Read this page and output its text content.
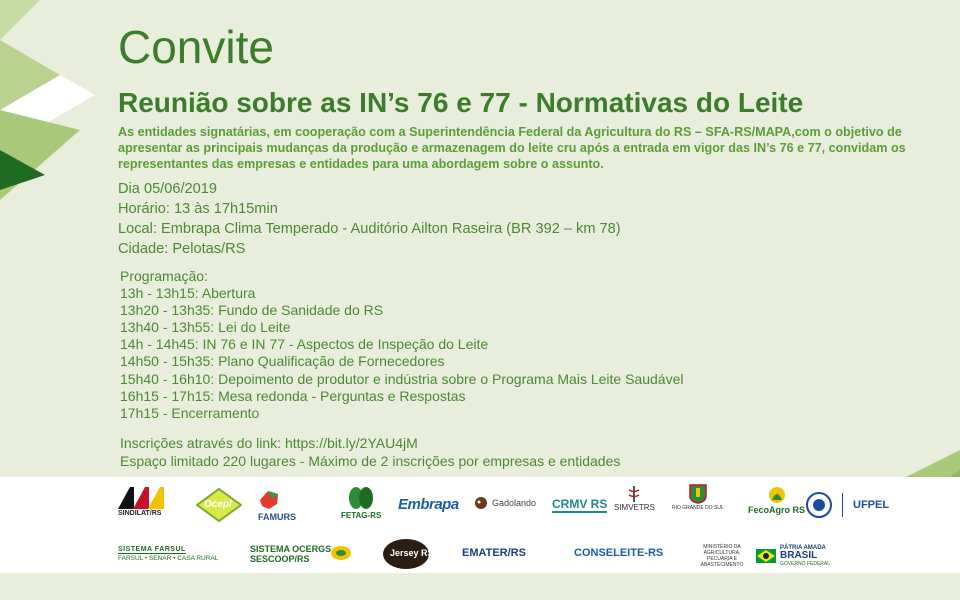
Convite
Reunião sobre as IN’s 76 e 77 - Normativas do Leite

As entidades signatárias, em cooperação com a Superintendência Federal da Agricultura do RS – SFA-RS/MAPA,com o objetivo de apresentar as principais mudanças da produção e armazenagem do leite cru após a entrada em vigor das IN’s 76 e 77, convidam os representantes das empresas e entidades para uma abordagem sobre o assunto.

Dia 05/06/2019
Horário: 13 às 17h15min
Local: Embrapa Clima Temperado - Auditório Ailton Raseira (BR 392 – km 78)
Cidade: Pelotas/RS
Programação:
13h - 13h15: Abertura
13h20 - 13h35: Fundo de Sanidade do RS
13h40 - 13h55: Lei do Leite
14h - 14h45: IN 76 e IN 77 - Aspectos de Inspeção do Leite
14h50 - 15h35: Plano Qualificação de Fornecedores
15h40 - 16h10: Depoimento de produtor e indústria sobre o Programa Mais Leite Saudável
16h15 - 17h15: Mesa redonda - Perguntas e Respostas
17h15 - Encerramento
Inscrições através do link: https://bit.ly/2YAU4jM
Espaço limitado 220 lugares - Máximo de 2 inscrições por empresas e entidades
SINDILAT/RS
Ocepl
FAMURS	FETAG-RS
Embrapa	Gadolando CRMV RS SIMVETRS	RIO GRANDE DO SUL	FecoAgro RS	UFPEL
SISTEMA FARSUL
FARSUL • SENAR • CASA RURAL
SISTEMA OCERGS
SESCOOP/RS
Jersey RS	EMATER/RS	CONSELEITE-RS	MINISTÉRIO DA AGRICULTURA, PECUÁRIA E ABASTECIMENTO
PÁTRIA AMADA
BRASIL
GOVERNO FEDERAL
